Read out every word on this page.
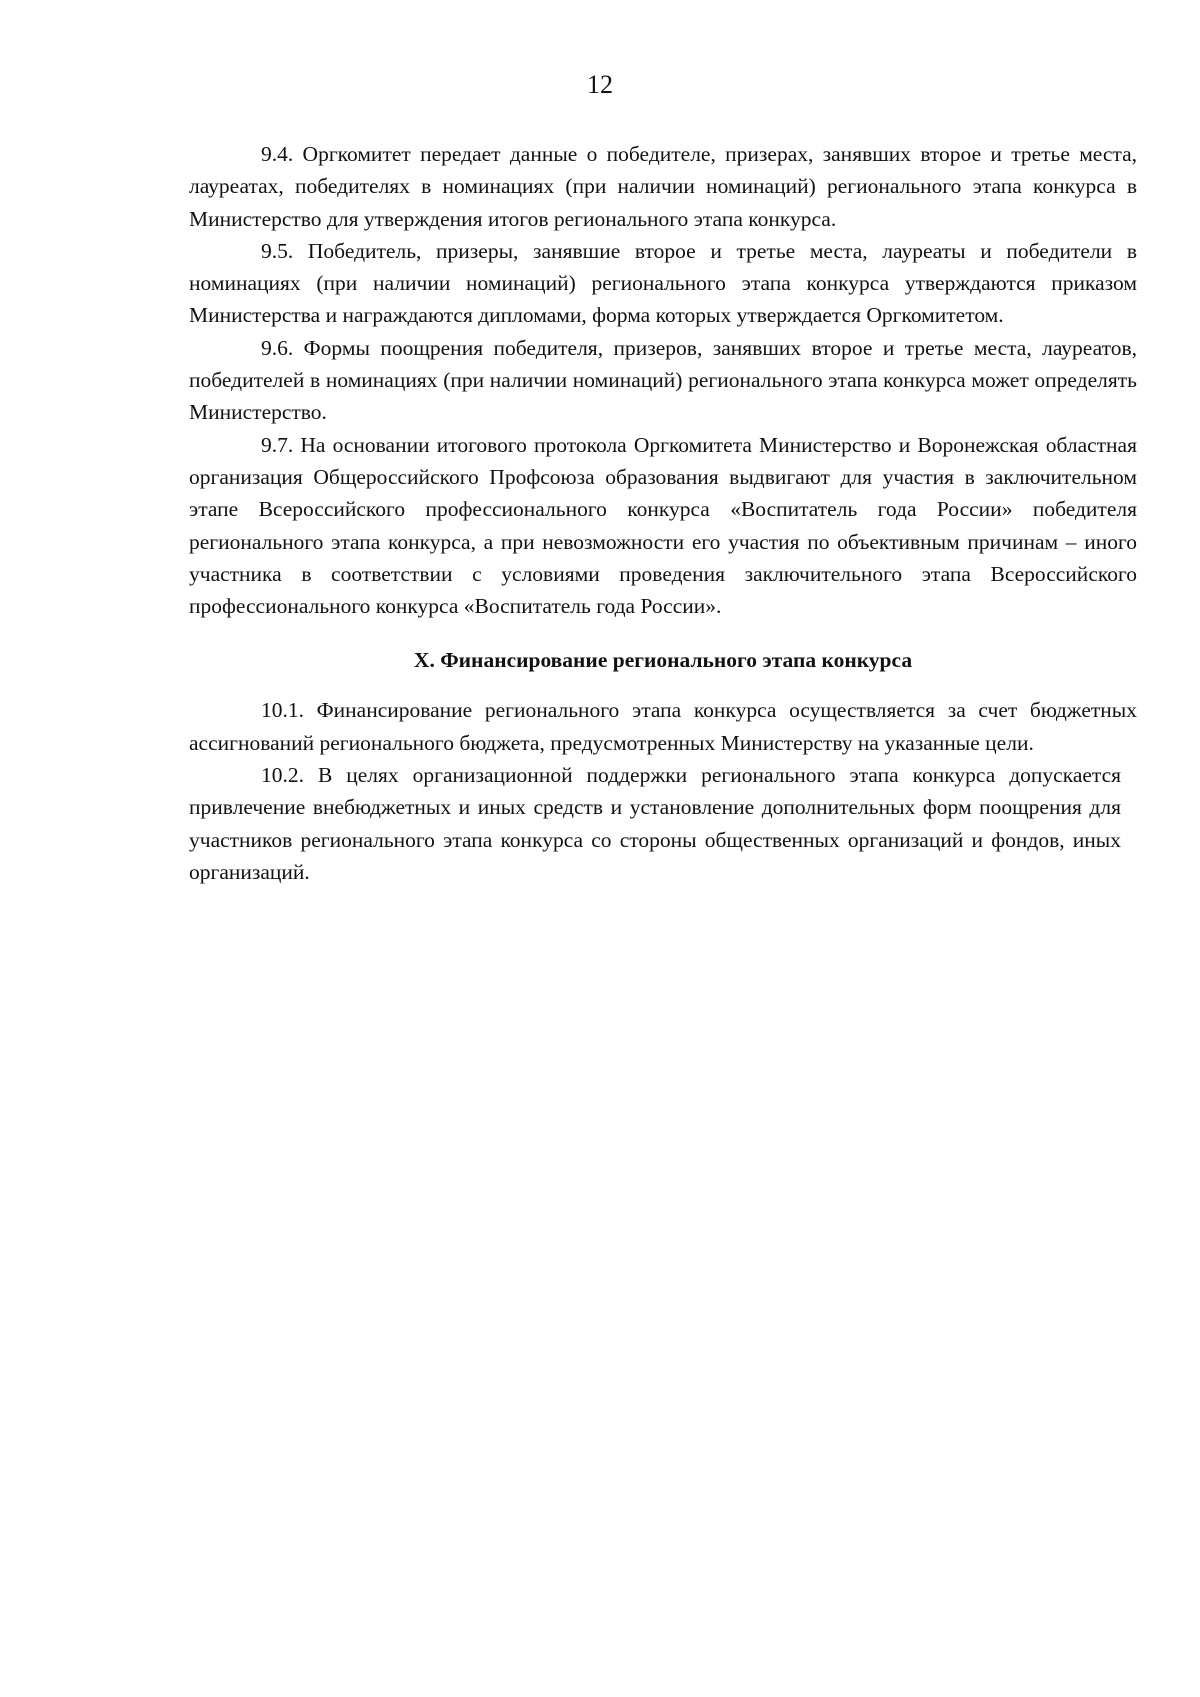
12

9.4. Оргкомитет передает данные о победителе, призерах, занявших второе и третье места, лауреатах, победителях в номинациях (при наличии номинаций) регионального этапа конкурса в Министерство для утверждения итогов регионального этапа конкурса.

9.5. Победитель, призеры, занявшие второе и третье места, лауреаты и победители в номинациях (при наличии номинаций) регионального этапа конкурса утверждаются приказом Министерства и награждаются дипломами, форма которых утверждается Оргкомитетом.

9.6. Формы поощрения победителя, призеров, занявших второе и третье места, лауреатов, победителей в номинациях (при наличии номинаций) регионального этапа конкурса может определять Министерство.

9.7. На основании итогового протокола Оргкомитета Министерство и Воронежская областная организация Общероссийского Профсоюза образования выдвигают для участия в заключительном этапе Всероссийского профессионального конкурса «Воспитатель года России» победителя регионального этапа конкурса, а при невозможности его участия по объективным причинам – иного участника в соответствии с условиями проведения заключительного этапа Всероссийского профессионального конкурса «Воспитатель года России».

X. Финансирование регионального этапа конкурса

10.1. Финансирование регионального этапа конкурса осуществляется за счет бюджетных ассигнований регионального бюджета, предусмотренных Министерству на указанные цели.

10.2. В целях организационной поддержки регионального этапа конкурса допускается привлечение внебюджетных и иных средств и установление дополнительных форм поощрения для участников регионального этапа конкурса со стороны общественных организаций и фондов, иных организаций.
